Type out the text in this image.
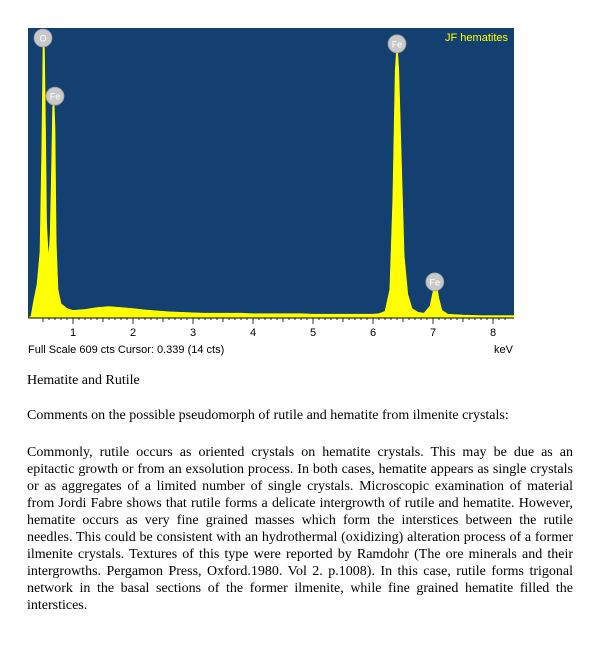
O
Fe
Fe
Fe
JF hematites
1	2	3	4	5	6	7	8
Full Scale 609 cts Cursor: 0.339 (14 cts)	keV
Hematite and Rutile
Comments on the possible pseudomorph of rutile and hematite from ilmenite crystals:
Commonly, rutile occurs as oriented crystals on hematite crystals. This may be due as an epitactic growth or from an exsolution process. In both cases, hematite appears as single crystals or as aggregates of a limited number of single crystals. Microscopic examination of material from Jordi Fabre shows that rutile forms a delicate intergrowth of rutile and hematite. However, hematite occurs as very fine grained masses which form the interstices between the rutile needles. This could be consistent with an hydrothermal (oxidizing) alteration process of a former ilmenite crystals. Textures of this type were reported by Ramdohr (The ore minerals and their intergrowths. Pergamon Press, Oxford.1980. Vol 2. p.1008). In this case, rutile forms trigonal network in the basal sections of the former ilmenite, while fine grained hematite filled the interstices.
